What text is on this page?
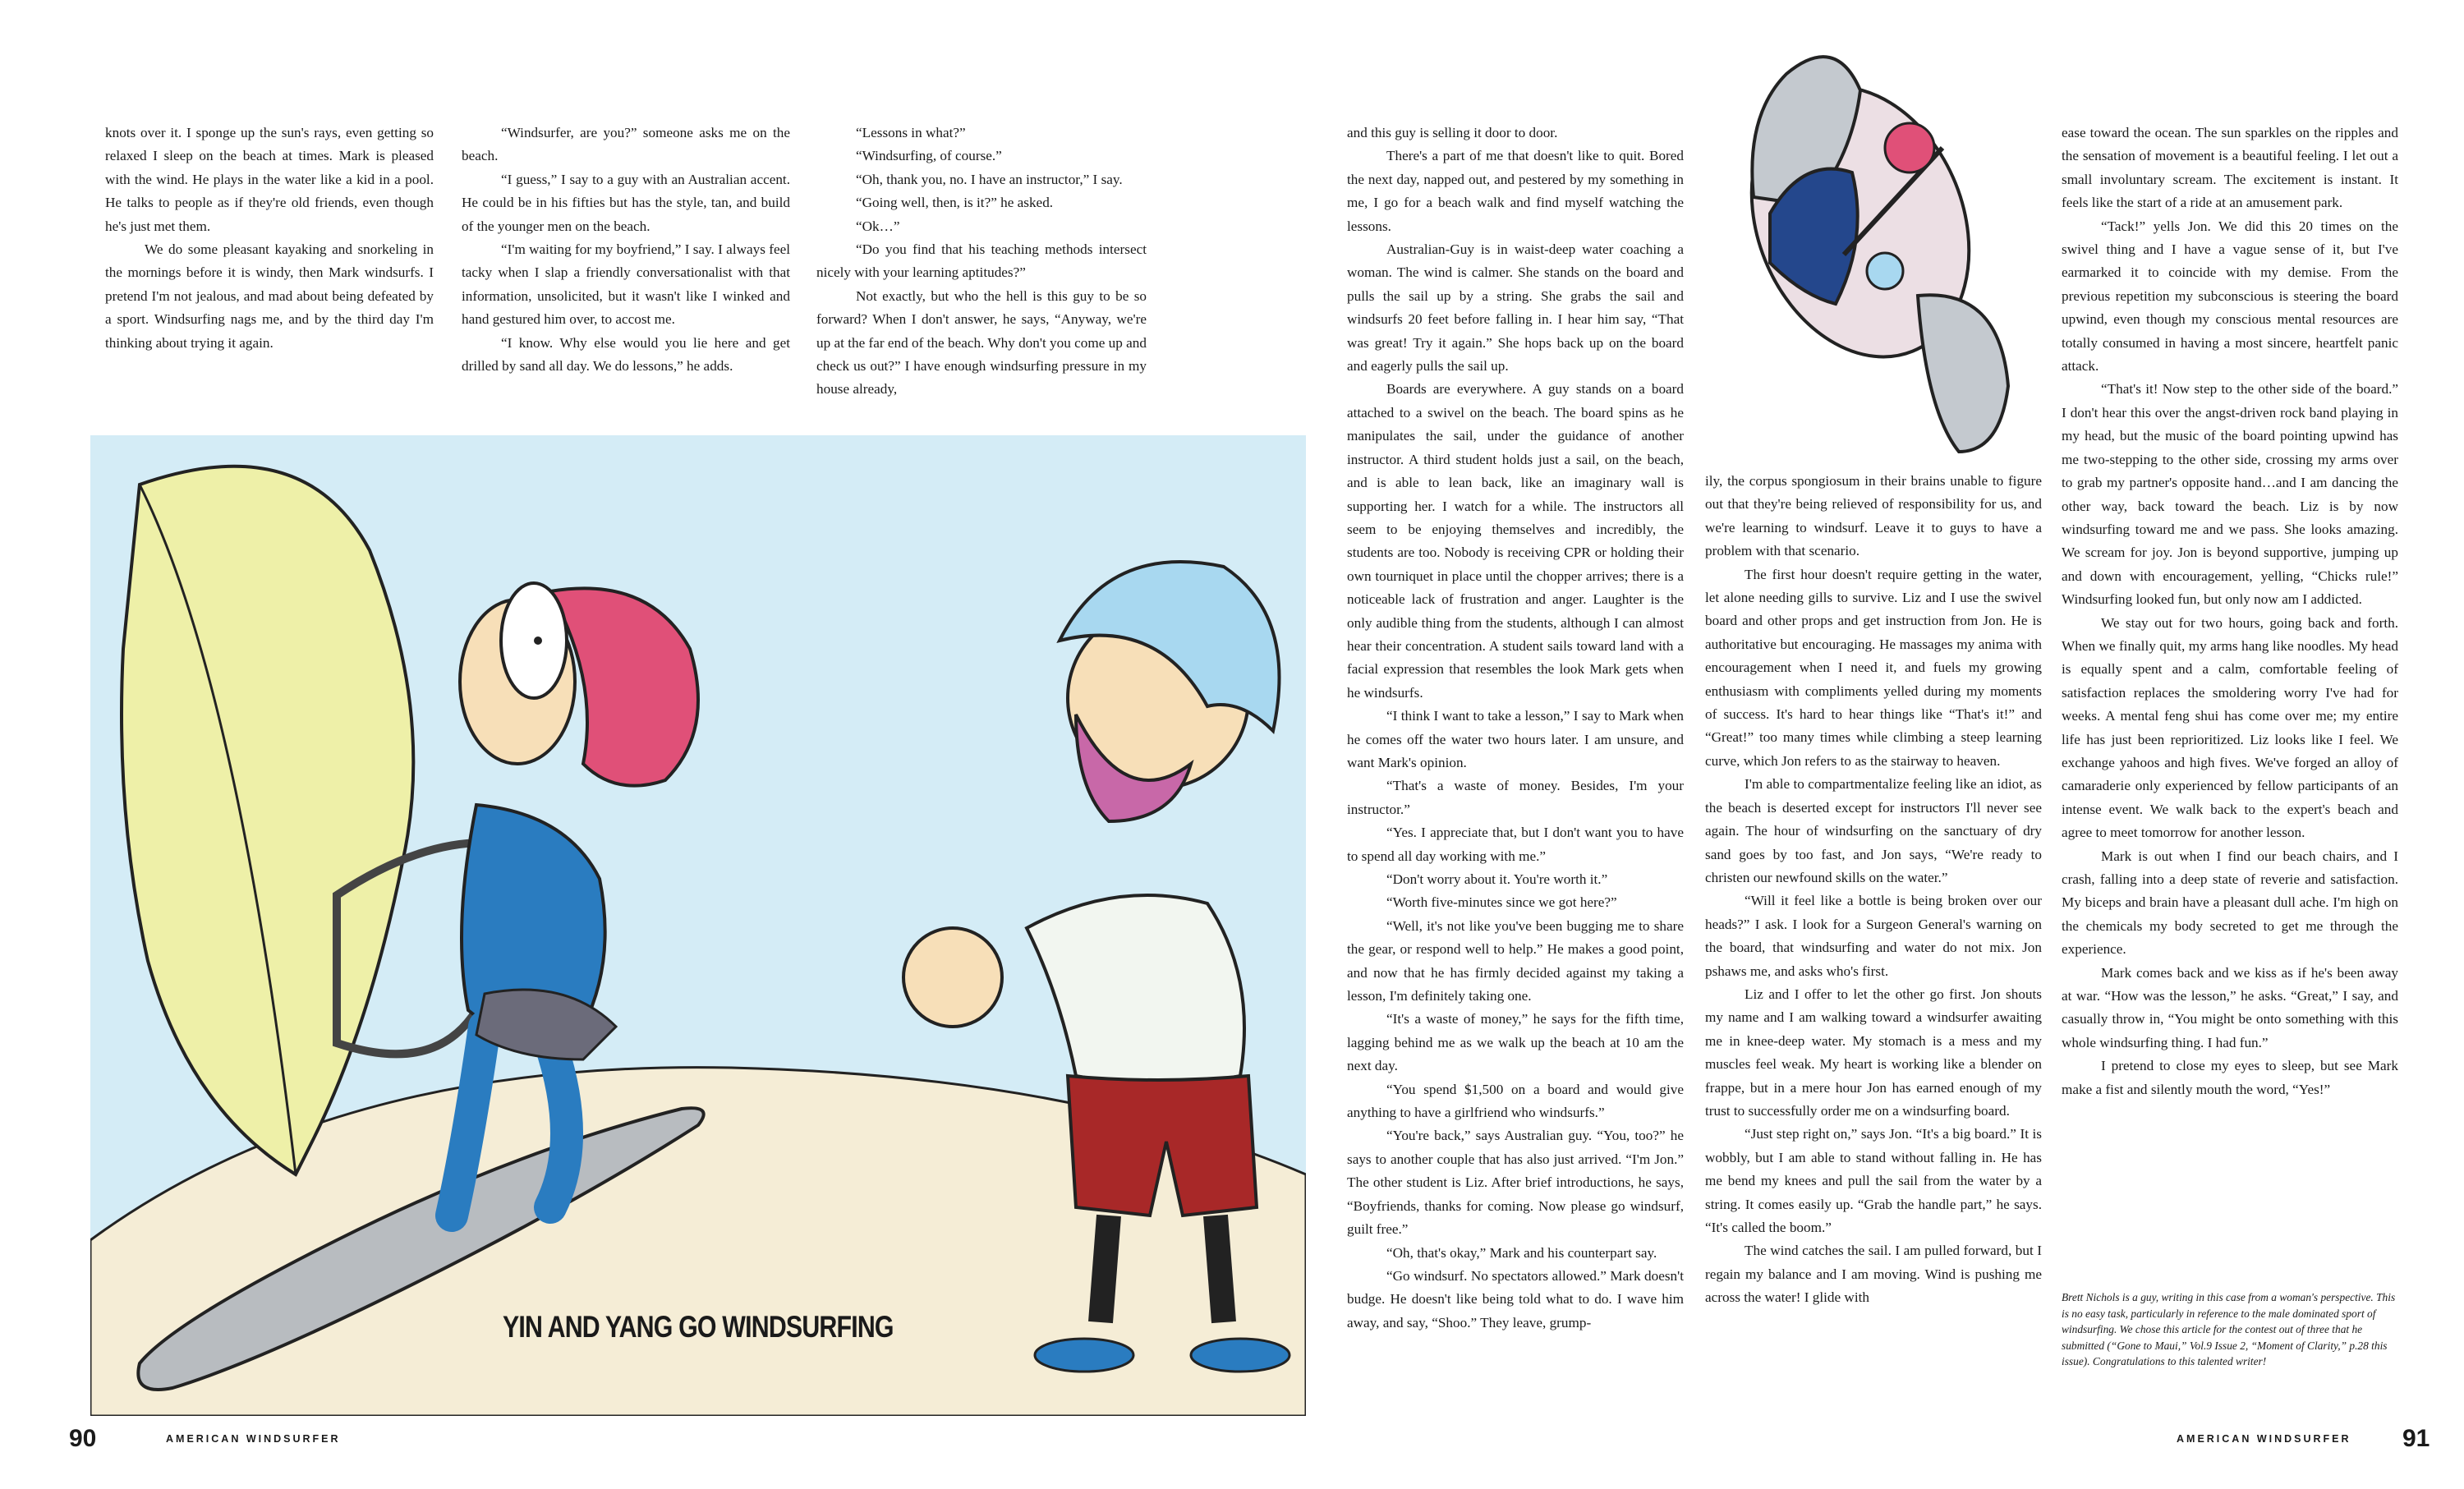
knots over it. I sponge up the sun's rays, even getting so relaxed I sleep on the beach at times. Mark is pleased with the wind. He plays in the water like a kid in a pool. He talks to people as if they're old friends, even though he's just met them.

We do some pleasant kayaking and snorkeling in the mornings before it is windy, then Mark windsurfs. I pretend I'm not jealous, and mad about being defeated by a sport. Windsurfing nags me, and by the third day I'm thinking about trying it again.

“Windsurfer, are you?” someone asks me on the beach.

“I guess,” I say to a guy with an Australian accent. He could be in his fifties but has the style, tan, and build of the younger men on the beach.

“I'm waiting for my boyfriend,” I say. I always feel tacky when I slap a friendly conversationalist with that information, unsolicited, but it wasn't like I winked and hand gestured him over, to accost me.

“I know. Why else would you lie here and get drilled by sand all day. We do lessons,” he adds.

“Lessons in what?”

“Windsurfing, of course.”

“Oh, thank you, no. I have an instructor,” I say.

“Going well, then, is it?” he asked.

“Ok…”

“Do you find that his teaching methods intersect nicely with your learning aptitudes?”

Not exactly, but who the hell is this guy to be so forward? When I don't answer, he says, “Anyway, we're up at the far end of the beach. Why don't you come up and check us out?” I have enough windsurfing pressure in my house already,

YIN AND YANG GO WINDSURFING
90	AMERICAN WINDSURFER

and this guy is selling it door to door.

There's a part of me that doesn't like to quit. Bored the next day, napped out, and pestered by my something in me, I go for a beach walk and find myself watching the lessons.

Australian-Guy is in waist-deep water coaching a woman. The wind is calmer. She stands on the board and pulls the sail up by a string. She grabs the sail and windsurfs 20 feet before falling in. I hear him say, “That was great! Try it again.” She hops back up on the board and eagerly pulls the sail up.

Boards are everywhere. A guy stands on a board attached to a swivel on the beach. The board spins as he manipulates the sail, under the guidance of another instructor. A third student holds just a sail, on the beach, and is able to lean back, like an imaginary wall is supporting her. I watch for a while. The instructors all seem to be enjoying themselves and incredibly, the students are too. Nobody is receiving CPR or holding their own tourniquet in place until the chopper arrives; there is a noticeable lack of frustration and anger. Laughter is the only audible thing from the students, although I can almost hear their concentration. A student sails toward land with a facial expression that resembles the look Mark gets when he windsurfs.

“I think I want to take a lesson,” I say to Mark when he comes off the water two hours later. I am unsure, and want Mark's opinion.

“That's a waste of money. Besides, I'm your instructor.”

“Yes. I appreciate that, but I don't want you to have to spend all day working with me.”

“Don't worry about it. You're worth it.”

“Worth five-minutes since we got here?”

“Well, it's not like you've been bugging me to share the gear, or respond well to help.” He makes a good point, and now that he has firmly decided against my taking a lesson, I'm definitely taking one.

“It's a waste of money,” he says for the fifth time, lagging behind me as we walk up the beach at 10 am the next day.

“You spend $1,500 on a board and would give anything to have a girlfriend who windsurfs.”

“You're back,” says Australian guy. “You, too?” he says to another couple that has also just arrived. “I'm Jon.” The other student is Liz. After brief introductions, he says, “Boyfriends, thanks for coming. Now please go windsurf, guilt free.”

“Oh, that's okay,” Mark and his counterpart say.

“Go windsurf. No spectators allowed.” Mark doesn't budge. He doesn't like being told what to do. I wave him away, and say, “Shoo.” They leave, grump-

ily, the corpus spongiosum in their brains unable to figure out that they're being relieved of responsibility for us, and we're learning to windsurf. Leave it to guys to have a problem with that scenario.

The first hour doesn't require getting in the water, let alone needing gills to survive. Liz and I use the swivel board and other props and get instruction from Jon. He is authoritative but encouraging. He massages my anima with encouragement when I need it, and fuels my growing enthusiasm with compliments yelled during my moments of success. It's hard to hear things like “That's it!” and “Great!” too many times while climbing a steep learning curve, which Jon refers to as the stairway to heaven.

I'm able to compartmentalize feeling like an idiot, as the beach is deserted except for instructors I'll never see again. The hour of windsurfing on the sanctuary of dry sand goes by too fast, and Jon says, “We're ready to christen our newfound skills on the water.”

“Will it feel like a bottle is being broken over our heads?” I ask. I look for a Surgeon General's warning on the board, that windsurfing and water do not mix. Jon pshaws me, and asks who's first.

Liz and I offer to let the other go first. Jon shouts my name and I am walking toward a windsurfer awaiting me in knee-deep water. My stomach is a mess and my muscles feel weak. My heart is working like a blender on frappe, but in a mere hour Jon has earned enough of my trust to successfully order me on a windsurfing board.

“Just step right on,” says Jon. “It's a big board.” It is wobbly, but I am able to stand without falling in. He has me bend my knees and pull the sail from the water by a string. It comes easily up. “Grab the handle part,” he says. “It's called the boom.”

The wind catches the sail. I am pulled forward, but I regain my balance and I am moving. Wind is pushing me across the water! I glide with

ease toward the ocean. The sun sparkles on the ripples and the sensation of movement is a beautiful feeling. I let out a small involuntary scream. The excitement is instant. It feels like the start of a ride at an amusement park.

“Tack!” yells Jon. We did this 20 times on the swivel thing and I have a vague sense of it, but I've earmarked it to coincide with my demise. From the previous repetition my subconscious is steering the board upwind, even though my conscious mental resources are totally consumed in having a most sincere, heartfelt panic attack.

“That's it! Now step to the other side of the board.” I don't hear this over the angst-driven rock band playing in my head, but the music of the board pointing upwind has me two-stepping to the other side, crossing my arms over to grab my partner's opposite hand…and I am dancing the other way, back toward the beach. Liz is by now windsurfing toward me and we pass. She looks amazing. We scream for joy. Jon is beyond supportive, jumping up and down with encouragement, yelling, “Chicks rule!” Windsurfing looked fun, but only now am I addicted.

We stay out for two hours, going back and forth. When we finally quit, my arms hang like noodles. My head is equally spent and a calm, comfortable feeling of satisfaction replaces the smoldering worry I've had for weeks. A mental feng shui has come over me; my entire life has just been reprioritized. Liz looks like I feel. We exchange yahoos and high fives. We've forged an alloy of camaraderie only experienced by fellow participants of an intense event. We walk back to the expert's beach and agree to meet tomorrow for another lesson.

Mark is out when I find our beach chairs, and I crash, falling into a deep state of reverie and satisfaction. My biceps and brain have a pleasant dull ache. I'm high on the chemicals my body secreted to get me through the experience.

Mark comes back and we kiss as if he's been away at war. “How was the lesson,” he asks. “Great,” I say, and casually throw in, “You might be onto something with this whole windsurfing thing. I had fun.”

I pretend to close my eyes to sleep, but see Mark make a fist and silently mouth the word, “Yes!”

Brett Nichols is a guy, writing in this case from a woman's perspective. This is no easy task, particularly in reference to the male dominated sport of windsurfing. We chose this article for the contest out of three that he submitted (“Gone to Maui,” Vol.9 Issue 2, “Moment of Clarity,” p.28 this issue). Congratulations to this talented writer!
AMERICAN WINDSURFER 91
